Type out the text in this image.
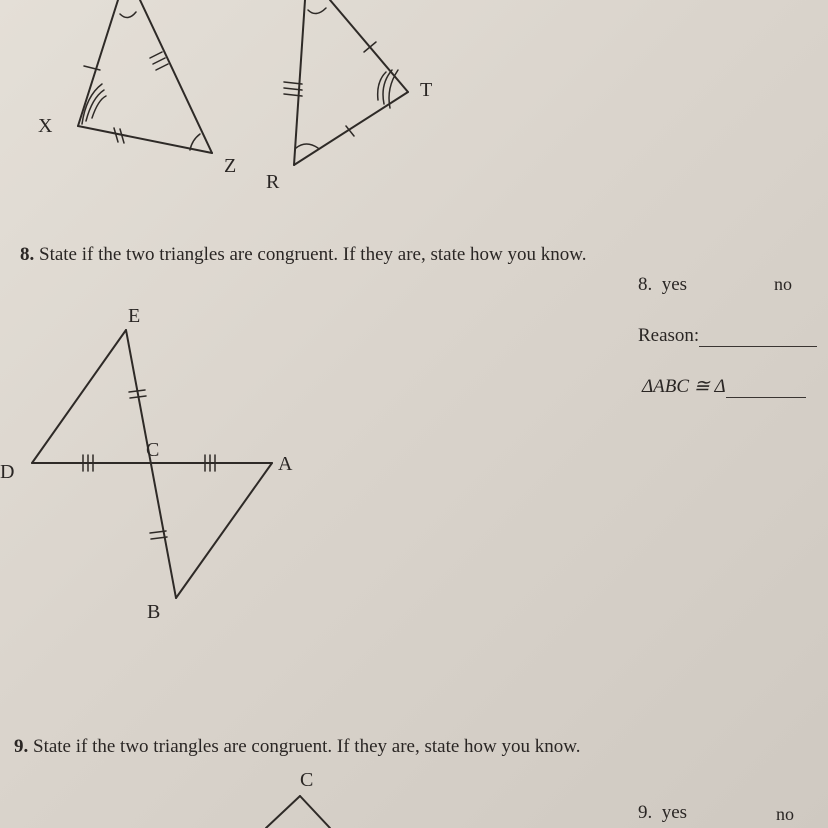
X
Z
R
T
8. State if the two triangles are congruent. If they are, state how you know.
8. yes	no
Reason:
ΔABC ≅ Δ
E
C
D	A
B
9. State if the two triangles are congruent. If they are, state how you know.
C
9. yes	no
